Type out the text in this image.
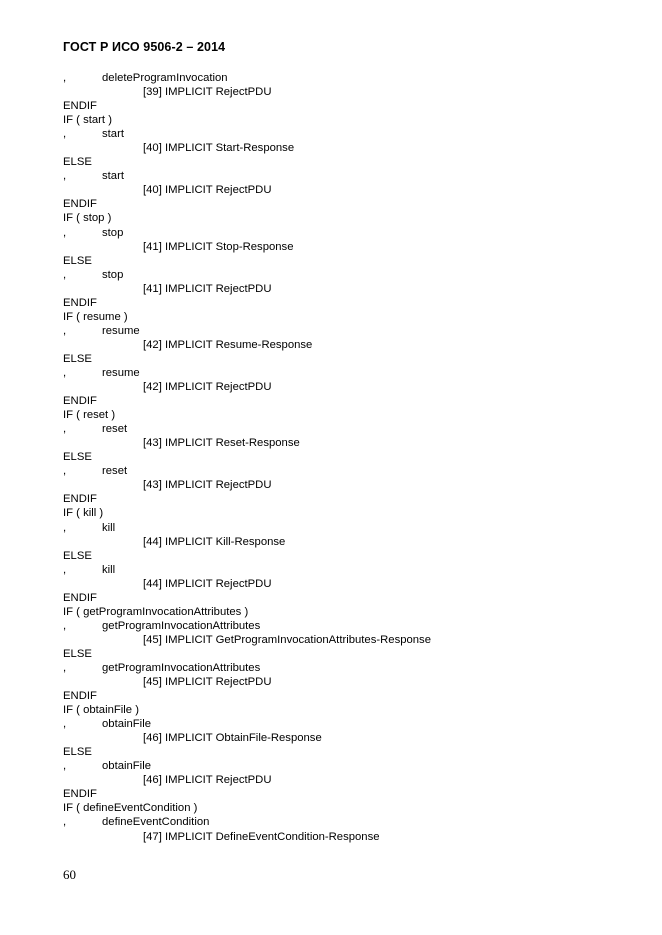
ГОСТ Р ИСО 9506-2 – 2014
,	deleteProgramInvocation
[39] IMPLICIT RejectPDU
ENDIF
IF ( start )
,	start
[40] IMPLICIT Start-Response
ELSE
,	start
[40] IMPLICIT RejectPDU
ENDIF
IF ( stop )
,	stop
[41] IMPLICIT Stop-Response
ELSE
,	stop
[41] IMPLICIT RejectPDU
ENDIF
IF ( resume )
,	resume
[42] IMPLICIT Resume-Response
ELSE
,	resume
[42] IMPLICIT RejectPDU
ENDIF
IF ( reset )
,	reset
[43] IMPLICIT Reset-Response
ELSE
,	reset
[43] IMPLICIT RejectPDU
ENDIF
IF ( kill )
,	kill
[44] IMPLICIT Kill-Response
ELSE
,	kill
[44] IMPLICIT RejectPDU
ENDIF
IF ( getProgramInvocationAttributes )
,	getProgramInvocationAttributes
[45] IMPLICIT GetProgramInvocationAttributes-Response
ELSE
,	getProgramInvocationAttributes
[45] IMPLICIT RejectPDU
ENDIF
IF ( obtainFile )
,	obtainFile
[46] IMPLICIT ObtainFile-Response
ELSE
,	obtainFile
[46] IMPLICIT RejectPDU
ENDIF
IF ( defineEventCondition )
,	defineEventCondition
[47] IMPLICIT DefineEventCondition-Response
60
